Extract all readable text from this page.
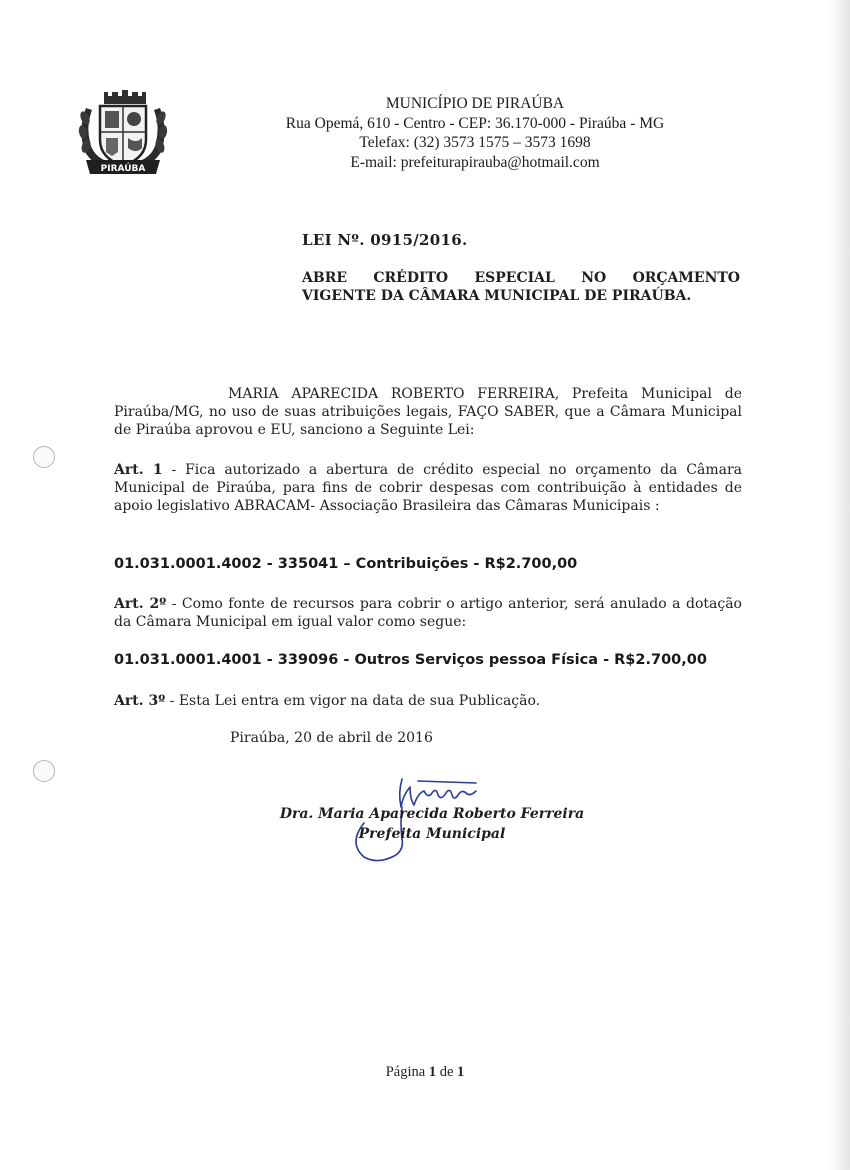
PIRAÚBA
MUNICÍPIO DE PIRAÚBA
Rua Opemá, 610 - Centro - CEP: 36.170-000 - Piraúba - MG
Telefax: (32) 3573 1575 – 3573 1698
E-mail: prefeiturapirauba@hotmail.com
LEI Nº. 0915/2016.
ABRE CRÉDITO ESPECIAL NO ORÇAMENTO
VIGENTE DA CÂMARA MUNICIPAL DE PIRAÚBA.
MARIA APARECIDA ROBERTO FERREIRA, Prefeita Municipal de Piraúba/MG, no uso de suas atribuições legais, FAÇO SABER, que a Câmara Municipal de Piraúba aprovou e EU, sanciono a Seguinte Lei:
Art. 1 - Fica autorizado a abertura de crédito especial no orçamento da Câmara Municipal de Piraúba, para fins de cobrir despesas com contribuição à entidades de apoio legislativo ABRACAM- Associação Brasileira das Câmaras Municipais :
01.031.0001.4002 - 335041 – Contribuições - R$2.700,00
Art. 2º - Como fonte de recursos para cobrir o artigo anterior, será anulado a dotação da Câmara Municipal em igual valor como segue:
01.031.0001.4001 - 339096 - Outros Serviços pessoa Física - R$2.700,00
Art. 3º - Esta Lei entra em vigor na data de sua Publicação.
Piraúba, 20 de abril de 2016
Dra. Maria Aparecida Roberto Ferreira
Prefeita Municipal
Página 1 de 1
